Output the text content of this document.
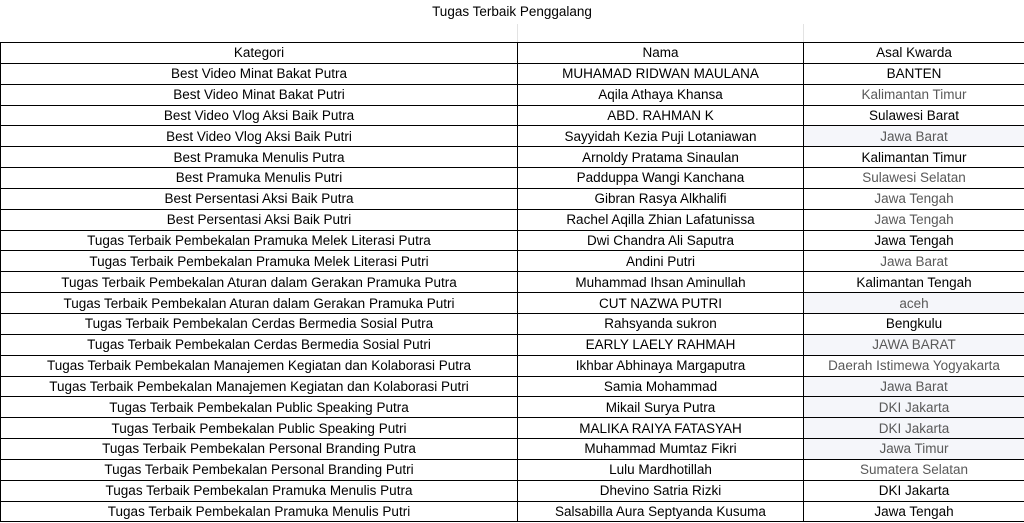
Tugas Terbaik Penggalang
Kategori	Nama	Asal Kwarda
Best Video Minat Bakat Putra	MUHAMAD RIDWAN MAULANA	BANTEN
Best Video Minat Bakat Putri	Aqila Athaya Khansa	Kalimantan Timur
Best Video Vlog Aksi Baik Putra	ABD. RAHMAN K	Sulawesi Barat
Best Video Vlog Aksi Baik Putri	Sayyidah Kezia Puji Lotaniawan	Jawa Barat
Best Pramuka Menulis Putra	Arnoldy Pratama Sinaulan	Kalimantan Timur
Best Pramuka Menulis Putri	Padduppa Wangi Kanchana	Sulawesi Selatan
Best Persentasi Aksi Baik Putra	Gibran Rasya Alkhalifi	Jawa Tengah
Best Persentasi Aksi Baik Putri	Rachel Aqilla Zhian Lafatunissa	Jawa Tengah
Tugas Terbaik Pembekalan Pramuka Melek Literasi Putra	Dwi Chandra Ali Saputra	Jawa Tengah
Tugas Terbaik Pembekalan Pramuka Melek Literasi Putri	Andini Putri	Jawa Barat
Tugas Terbaik Pembekalan Aturan dalam Gerakan Pramuka Putra	Muhammad Ihsan Aminullah	Kalimantan Tengah
Tugas Terbaik Pembekalan Aturan dalam Gerakan Pramuka Putri	CUT NAZWA PUTRI	aceh
Tugas Terbaik Pembekalan Cerdas Bermedia Sosial Putra	Rahsyanda sukron	Bengkulu
Tugas Terbaik Pembekalan Cerdas Bermedia Sosial Putri	EARLY LAELY RAHMAH	JAWA BARAT
Tugas Terbaik Pembekalan Manajemen Kegiatan dan Kolaborasi Putra	Ikhbar Abhinaya Margaputra	Daerah Istimewa Yogyakarta
Tugas Terbaik Pembekalan Manajemen Kegiatan dan Kolaborasi Putri	Samia Mohammad	Jawa Barat
Tugas Terbaik Pembekalan Public Speaking Putra	Mikail Surya Putra	DKI Jakarta
Tugas Terbaik Pembekalan Public Speaking Putri	MALIKA RAIYA FATASYAH	DKI Jakarta
Tugas Terbaik Pembekalan Personal Branding Putra	Muhammad Mumtaz Fikri	Jawa Timur
Tugas Terbaik Pembekalan Personal Branding Putri	Lulu Mardhotillah	Sumatera Selatan
Tugas Terbaik Pembekalan Pramuka Menulis Putra	Dhevino Satria Rizki	DKI Jakarta
Tugas Terbaik Pembekalan Pramuka Menulis Putri	Salsabilla Aura Septyanda Kusuma	Jawa Tengah
